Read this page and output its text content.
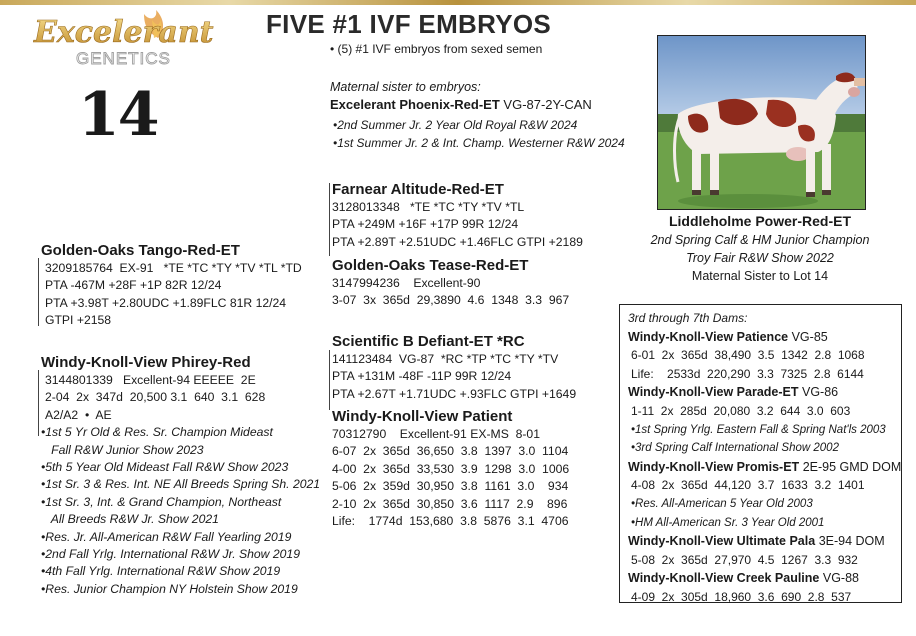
Excelerant
GENETICS
14
FIVE #1 IVF EMBRYOS
• (5) #1 IVF embryos from sexed semen
Maternal sister to embryos:
Excelerant Phoenix-Red-ET VG-87-2Y-CAN
•2nd Summer Jr. 2 Year Old Royal R&W 2024
•1st Summer Jr. 2 & Int. Champ. Westerner R&W 2024
Farnear Altitude-Red-ET
3128013348   *TE *TC *TY *TV *TL
PTA +249M +16F +17P 99R 12/24
PTA +2.89T +2.51UDC +1.46FLC GTPI +2189
Golden-Oaks Tease-Red-ET
3147994236    Excellent-90
3-07  3x  365d  29,3890  4.6  1348  3.3  967
Golden-Oaks Tango-Red-ET
3209185764  EX-91   *TE *TC *TY *TV *TL *TD
PTA -467M +28F +1P 82R 12/24
PTA +3.98T +2.80UDC +1.89FLC 81R 12/24
GTPI +2158
Windy-Knoll-View Phirey-Red
3144801339   Excellent-94 EEEEE  2E
2-04  2x  347d  20,500 3.1  640  3.1  628
A2/A2  •  AE
•1st 5 Yr Old & Res. Sr. Champion Mideast
Fall R&W Junior Show 2023
•5th 5 Year Old Mideast Fall R&W Show 2023
•1st Sr. 3 & Res. Int. NE All Breeds Spring Sh. 2021
•1st Sr. 3, Int. & Grand Champion, Northeast
All Breeds R&W Jr. Show 2021
•Res. Jr. All-American R&W Fall Yearling 2019
•2nd Fall Yrlg. International R&W Jr. Show 2019
•4th Fall Yrlg. International R&W Show 2019
•Res. Junior Champion NY Holstein Show 2019
Scientific B Defiant-ET *RC
141123484  VG-87  *RC *TP *TC *TY *TV
PTA +131M -48F -11P 99R 12/24
PTA +2.67T +1.71UDC +.93FLC GTPI +1649
Windy-Knoll-View Patient
70312790    Excellent-91 EX-MS  8-01
6-07  2x  365d  36,650  3.8  1397  3.0  1104
4-00  2x  365d  33,530  3.9  1298  3.0  1006
5-06  2x  359d  30,950  3.8  1161  3.0    934
2-10  2x  365d  30,850  3.6  1117  2.9    896
Life:    1774d  153,680  3.8  5876  3.1  4706
Liddleholme Power-Red-ET
2nd Spring Calf & HM Junior Champion
Troy Fair R&W Show 2022
Maternal Sister to Lot 14
3rd through 7th Dams:
Windy-Knoll-View Patience VG-85
6-01  2x  365d  38,490  3.5  1342  2.8  1068
Life:    2533d  220,290  3.3  7325  2.8  6144
Windy-Knoll-View Parade-ET VG-86
1-11  2x  285d  20,080  3.2  644  3.0  603
•1st Spring Yrlg. Eastern Fall & Spring Nat'ls 2003
•3rd Spring Calf International Show 2002
Windy-Knoll-View Promis-ET 2E-95 GMD DOM
4-08  2x  365d  44,120  3.7  1633  3.2  1401
•Res. All-American 5 Year Old 2003
•HM All-American Sr. 3 Year Old 2001
Windy-Knoll-View Ultimate Pala 3E-94 DOM
5-08  2x  365d  27,970  4.5  1267  3.3  932
Windy-Knoll-View Creek Pauline VG-88
4-09  2x  305d  18,960  3.6  690  2.8  537
